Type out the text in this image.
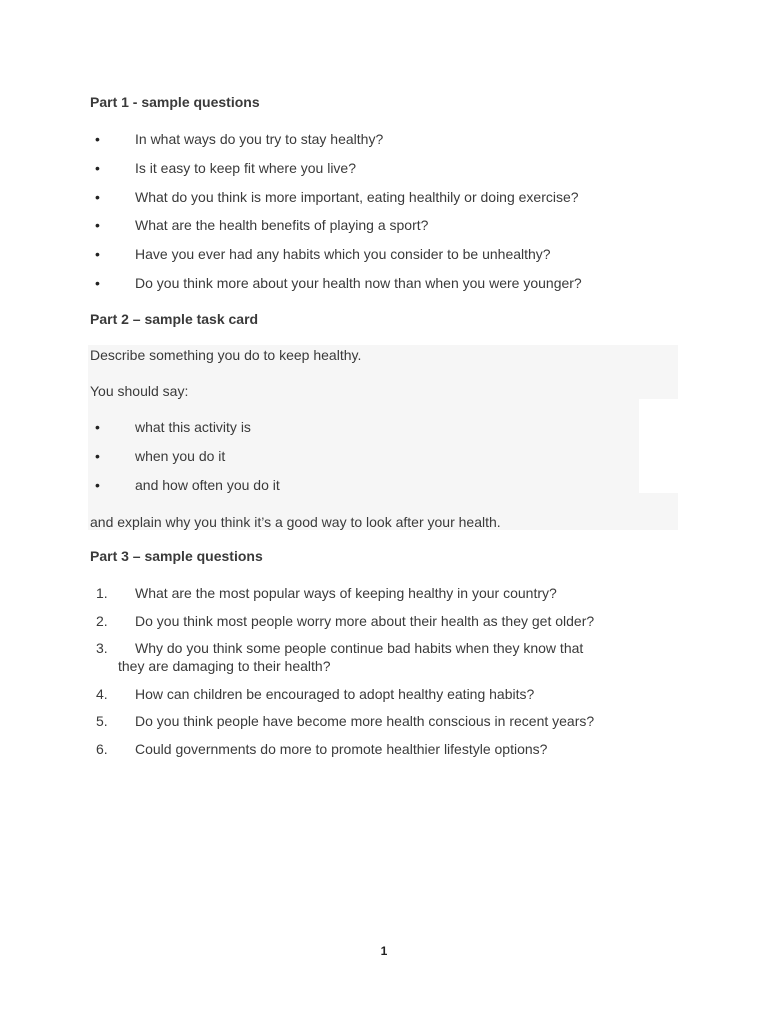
Part 1 - sample questions
•	In what ways do you try to stay healthy?
•	Is it easy to keep fit where you live?
•	What do you think is more important, eating healthily or doing exercise?
•	What are the health benefits of playing a sport?
•	Have you ever had any habits which you consider to be unhealthy?
•	Do you think more about your health now than when you were younger?
Part 2 – sample task card
Describe something you do to keep healthy.
You should say:
•	what this activity is
•	when you do it
•	and how often you do it
and explain why you think it’s a good way to look after your health.
Part 3 – sample questions
1.	What are the most popular ways of keeping healthy in your country?
2.	Do you think most people worry more about their health as they get older?
3.	Why do you think some people continue bad habits when they know that
they are damaging to their health?
4.	How can children be encouraged to adopt healthy eating habits?
5.	Do you think people have become more health conscious in recent years?
6.	Could governments do more to promote healthier lifestyle options?
1
